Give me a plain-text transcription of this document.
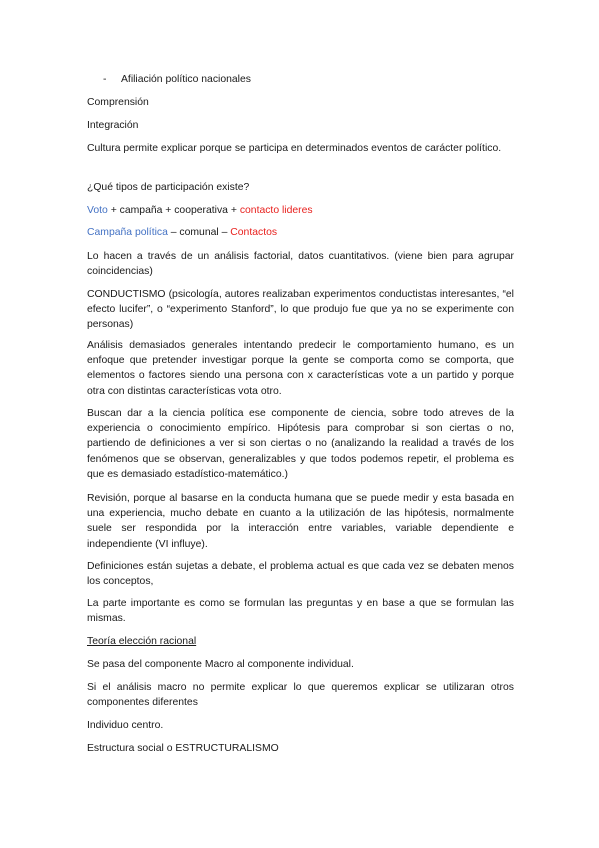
- Afiliación político nacionales

Comprensión

Integración

Cultura permite explicar porque se participa en determinados eventos de carácter político.

¿Qué tipos de participación existe?

Voto + campaña + cooperativa + contacto lideres

Campaña política – comunal – Contactos

Lo hacen a través de un análisis factorial, datos cuantitativos. (viene bien para agrupar coincidencias)

CONDUCTISMO (psicología, autores realizaban experimentos conductistas interesantes, “el efecto lucifer”, o “experimento Stanford”, lo que produjo fue que ya no se experimente con personas)

Análisis demasiados generales intentando predecir le comportamiento humano, es un enfoque que pretender investigar porque la gente se comporta como se comporta, que elementos o factores siendo una persona con x características vote a un partido y porque otra con distintas características vota otro.

Buscan dar a la ciencia política ese componente de ciencia, sobre todo atreves de la experiencia o conocimiento empírico. Hipótesis para comprobar si son ciertas o no, partiendo de definiciones a ver si son ciertas o no (analizando la realidad a través de los fenómenos que se observan, generalizables y que todos podemos repetir, el problema es que es demasiado estadístico-matemático.)

Revisión, porque al basarse en la conducta humana que se puede medir y esta basada en una experiencia, mucho debate en cuanto a la utilización de las hipótesis, normalmente suele ser respondida por la interacción entre variables, variable dependiente e independiente (VI influye).

Definiciones están sujetas a debate, el problema actual es que cada vez se debaten menos los conceptos,

La parte importante es como se formulan las preguntas y en base a que se formulan las mismas.

Teoría elección racional

Se pasa del componente Macro al componente individual.

Si el análisis macro no permite explicar lo que queremos explicar se utilizaran otros componentes diferentes

Individuo centro.

Estructura social o ESTRUCTURALISMO
